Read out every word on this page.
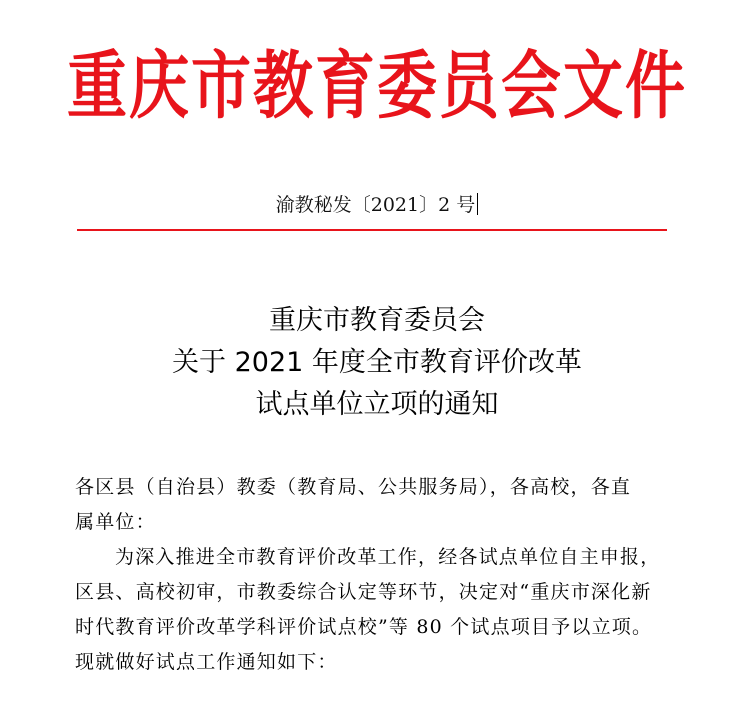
重庆市教育委员会文件
渝教秘发〔2021〕2 号
重庆市教育委员会
关于 2021 年度全市教育评价改革
试点单位立项的通知
各区县（自治县）教委（教育局、公共服务局），各高校，各直
属单位：
为深入推进全市教育评价改革工作，经各试点单位自主申报，
区县、高校初审，市教委综合认定等环节，决定对“重庆市深化新
时代教育评价改革学科评价试点校”等 80 个试点项目予以立项。
现就做好试点工作通知如下：
